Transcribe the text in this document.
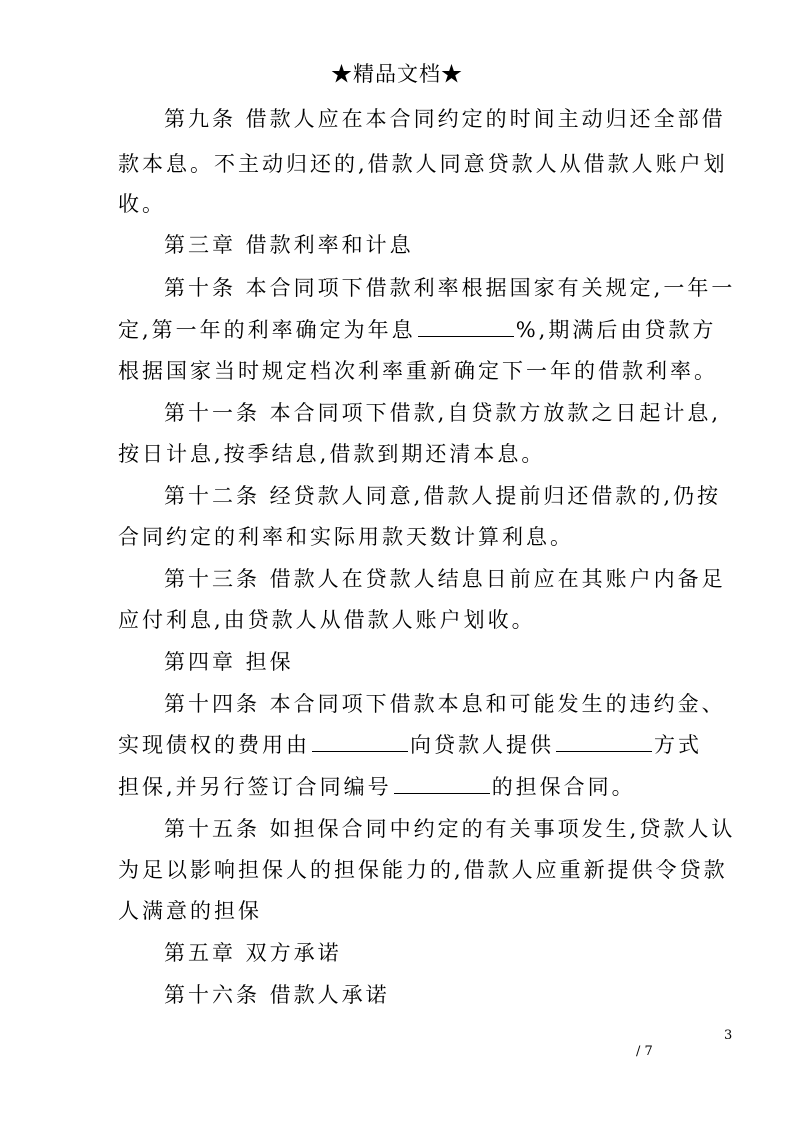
★精品文档★
第九条 借款人应在本合同约定的时间主动归还全部借
款本息。不主动归还的,借款人同意贷款人从借款人账户划
收。
第三章 借款利率和计息
第十条 本合同项下借款利率根据国家有关规定,一年一
定,第一年的利率确定为年息	%,期满后由贷款方
根据国家当时规定档次利率重新确定下一年的借款利率。
第十一条 本合同项下借款,自贷款方放款之日起计息,
按日计息,按季结息,借款到期还清本息。
第十二条 经贷款人同意,借款人提前归还借款的,仍按
合同约定的利率和实际用款天数计算利息。
第十三条 借款人在贷款人结息日前应在其账户内备足
应付利息,由贷款人从借款人账户划收。
第四章 担保
第十四条 本合同项下借款本息和可能发生的违约金、
实现债权的费用由	向贷款人提供	方式
担保,并另行签订合同编号	的担保合同。
第十五条 如担保合同中约定的有关事项发生,贷款人认
为足以影响担保人的担保能力的,借款人应重新提供令贷款
人满意的担保
第五章 双方承诺
第十六条 借款人承诺
3
/ 7
